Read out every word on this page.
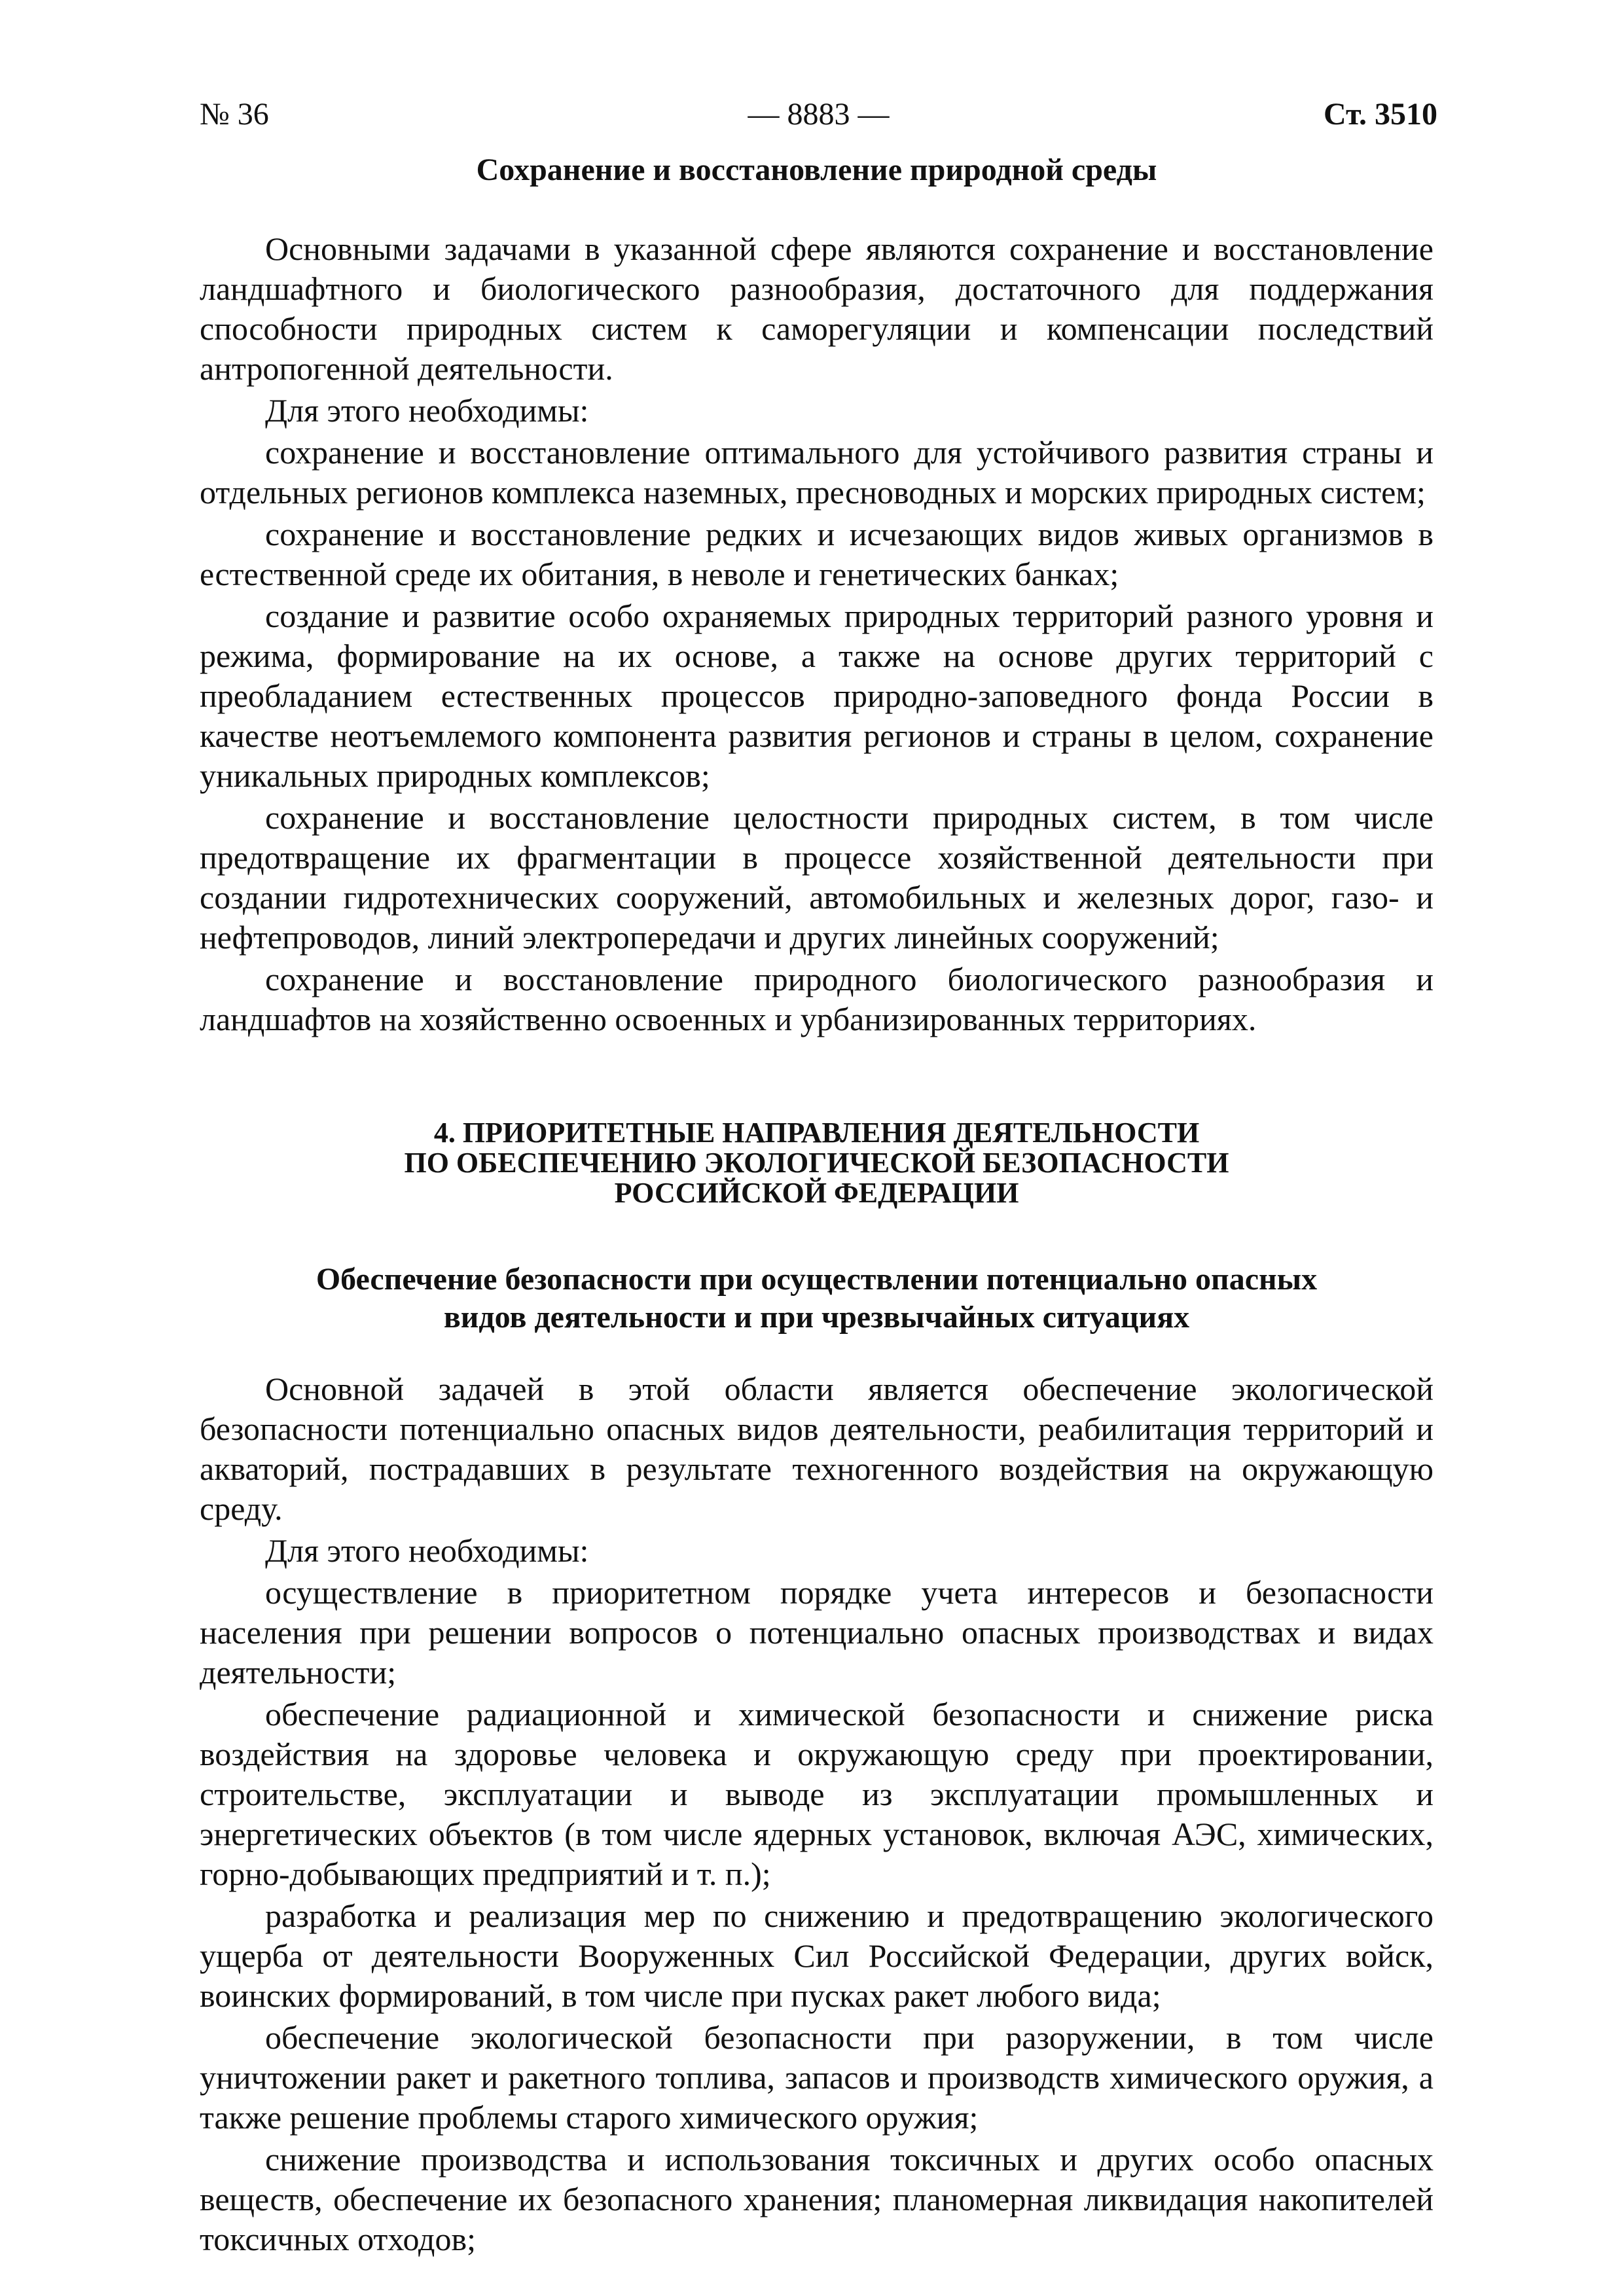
№ 36	— 8883 —	Ст. 3510
Сохранение и восстановление природной среды

Основными задачами в указанной сфере являются сохранение и восстановление ландшафтного и биологического разнообразия, достаточного для поддержания способности природных систем к саморегуляции и компенсации последствий антропогенной деятельности.

Для этого необходимы:

сохранение и восстановление оптимального для устойчивого развития страны и отдельных регионов комплекса наземных, пресноводных и морских природных систем;

сохранение и восстановление редких и исчезающих видов живых организмов в естественной среде их обитания, в неволе и генетических банках;

создание и развитие особо охраняемых природных территорий разного уровня и режима, формирование на их основе, а также на основе других территорий с преобладанием естественных процессов природно-заповедного фонда России в качестве неотъемлемого компонента развития регионов и страны в целом, сохранение уникальных природных комплексов;

сохранение и восстановление целостности природных систем, в том числе предотвращение их фрагментации в процессе хозяйственной деятельности при создании гидротехнических сооружений, автомобильных и железных дорог, газо- и нефтепроводов, линий электропередачи и других линейных сооружений;

сохранение и восстановление природного биологического разнообразия и ландшафтов на хозяйственно освоенных и урбанизированных территориях.

4. ПРИОРИТЕТНЫЕ НАПРАВЛЕНИЯ ДЕЯТЕЛЬНОСТИ
ПО ОБЕСПЕЧЕНИЮ ЭКОЛОГИЧЕСКОЙ БЕЗОПАСНОСТИ
РОССИЙСКОЙ ФЕДЕРАЦИИ
Обеспечение безопасности при осуществлении потенциально опасных
видов деятельности и при чрезвычайных ситуациях

Основной задачей в этой области является обеспечение экологической безопасности потенциально опасных видов деятельности, реабилитация территорий и акваторий, пострадавших в результате техногенного воздействия на окружающую среду.

Для этого необходимы:

осуществление в приоритетном порядке учета интересов и безопасности населения при решении вопросов о потенциально опасных производствах и видах деятельности;

обеспечение радиационной и химической безопасности и снижение риска воздействия на здоровье человека и окружающую среду при проектировании, строительстве, эксплуатации и выводе из эксплуатации промышленных и энергетических объектов (в том числе ядерных установок, включая АЭС, химических, горно-добывающих предприятий и т. п.);

разработка и реализация мер по снижению и предотвращению экологического ущерба от деятельности Вооруженных Сил Российской Федерации, других войск, воинских формирований, в том числе при пусках ракет любого вида;

обеспечение экологической безопасности при разоружении, в том числе уничтожении ракет и ракетного топлива, запасов и производств химического оружия, а также решение проблемы старого химического оружия;

снижение производства и использования токсичных и других особо опасных веществ, обеспечение их безопасного хранения; планомерная ликвидация накопителей токсичных отходов;
